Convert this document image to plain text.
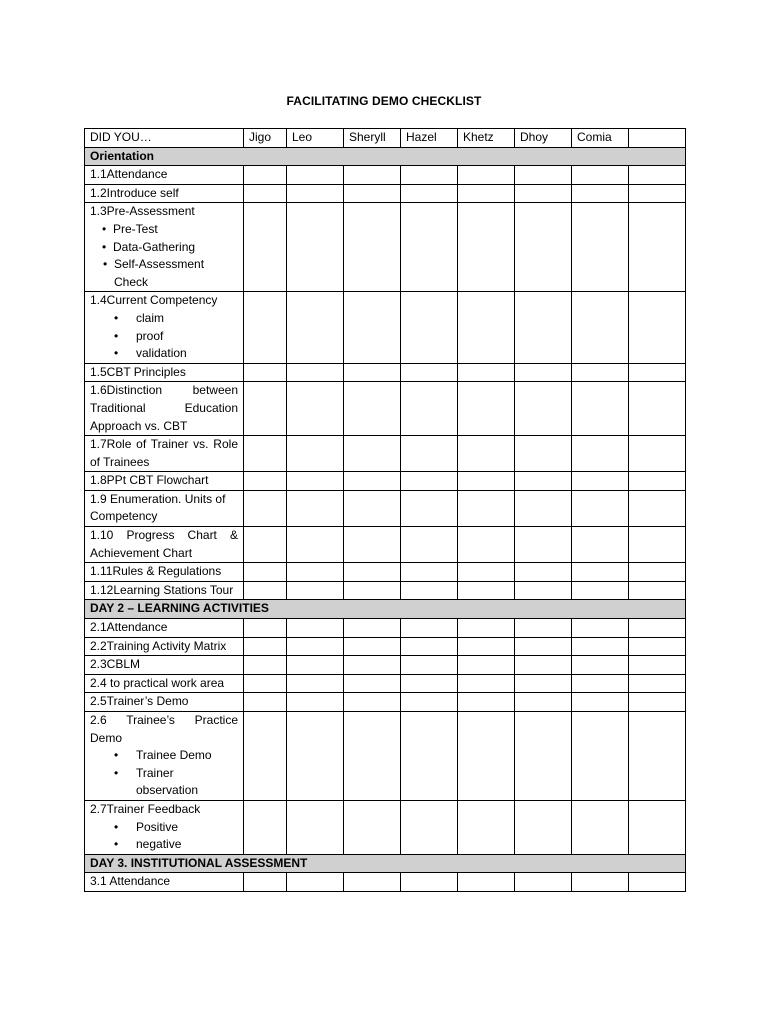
FACILITATING DEMO CHECKLIST
DID YOU…	Jigo	Leo	Sheryll	Hazel	Khetz	Dhoy	Comia	
Orientation								
1.1Attendance								
1.2Introduce self								
1.3Pre-Assessment
• Pre-Test
• Data-Gathering
• Self-Assessment Check

1.4Current Competency
• claim
• proof
• validation								

1.5CBT Principles								
1.6Distinction between Traditional Education Approach vs. CBT								
1.7Role of Trainer vs. Role of Trainees								
1.8PPt CBT Flowchart								
1.9 Enumeration. Units of Competency								
1.10 Progress Chart & Achievement Chart								
1.11Rules & Regulations								
1.12Learning Stations Tour								
DAY 2 – LEARNING ACTIVITIES								
2.1Attendance								
2.2Training Activity Matrix								
2.3CBLM								
2.4 to practical work area								
2.5Trainer’s Demo								

2.6 Trainee’s Practice Demo
• Trainee Demo
• Trainer observation								

2.7Trainer Feedback
• Positive
• negative								

DAY 3. INSTITUTIONAL ASSESSMENT								
3.1 Attendance								
